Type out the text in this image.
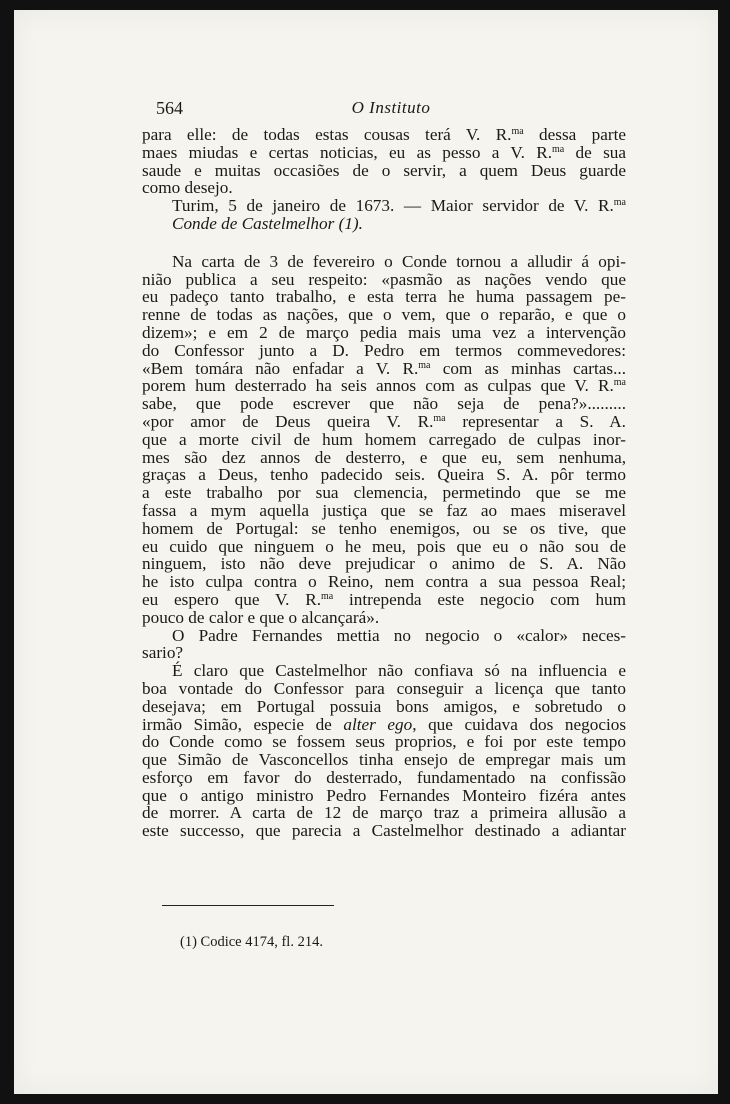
564	O Instituto

para elle: de todas estas cousas terá V. R.$^{ma}$ dessa parte
maes miudas e certas noticias, eu as pesso a V. R.$^{ma}$ de sua
saude e muitas occasiões de o servir, a quem Deus guarde
como desejo.
Turim, 5 de janeiro de 1673. — Maior servidor de V. R.$^{ma}$
Conde de Castelmelhor (1).

Na carta de 3 de fevereiro o Conde tornou a alludir á opi-
nião publica a seu respeito: «pasmão as nações vendo que
eu padeço tanto trabalho, e esta terra he huma passagem pe-
renne de todas as nações, que o vem, que o reparão, e que o
dizem»; e em 2 de março pedia mais uma vez a intervenção
do Confessor junto a D. Pedro em termos commevedores:
«Bem tomára não enfadar a V. R.$^{ma}$ com as minhas cartas...
porem hum desterrado ha seis annos com as culpas que V. R.$^{ma}$
sabe, que pode escrever que não seja de pena?».........
«por amor de Deus queira V. R.$^{ma}$ representar a S. A.
que a morte civil de hum homem carregado de culpas inor-
mes são dez annos de desterro, e que eu, sem nenhuma,
graças a Deus, tenho padecido seis. Queira S. A. pôr termo
a este trabalho por sua clemencia, permetindo que se me
fassa a mym aquella justiça que se faz ao maes miseravel
homem de Portugal: se tenho enemigos, ou se os tive, que
eu cuido que ninguem o he meu, pois que eu o não sou de
ninguem, isto não deve prejudicar o animo de S. A. Não
he isto culpa contra o Reino, nem contra a sua pessoa Real;
eu espero que V. R.$^{ma}$ intrependa este negocio com hum
pouco de calor e que o alcançará».

O Padre Fernandes mettia no negocio o «calor» neces-
sario?

É claro que Castelmelhor não confiava só na influencia e
boa vontade do Confessor para conseguir a licença que tanto
desejava; em Portugal possuia bons amigos, e sobretudo o
irmão Simão, especie de alter ego, que cuidava dos negocios
do Conde como se fossem seus proprios, e foi por este tempo
que Simão de Vasconcellos tinha ensejo de empregar mais um
esforço em favor do desterrado, fundamentado na confissão
que o antigo ministro Pedro Fernandes Monteiro fizéra antes
de morrer. A carta de 12 de março traz a primeira allusão a
este successo, que parecia a Castelmelhor destinado a adiantar

(1) Codice 4174, fl. 214.
